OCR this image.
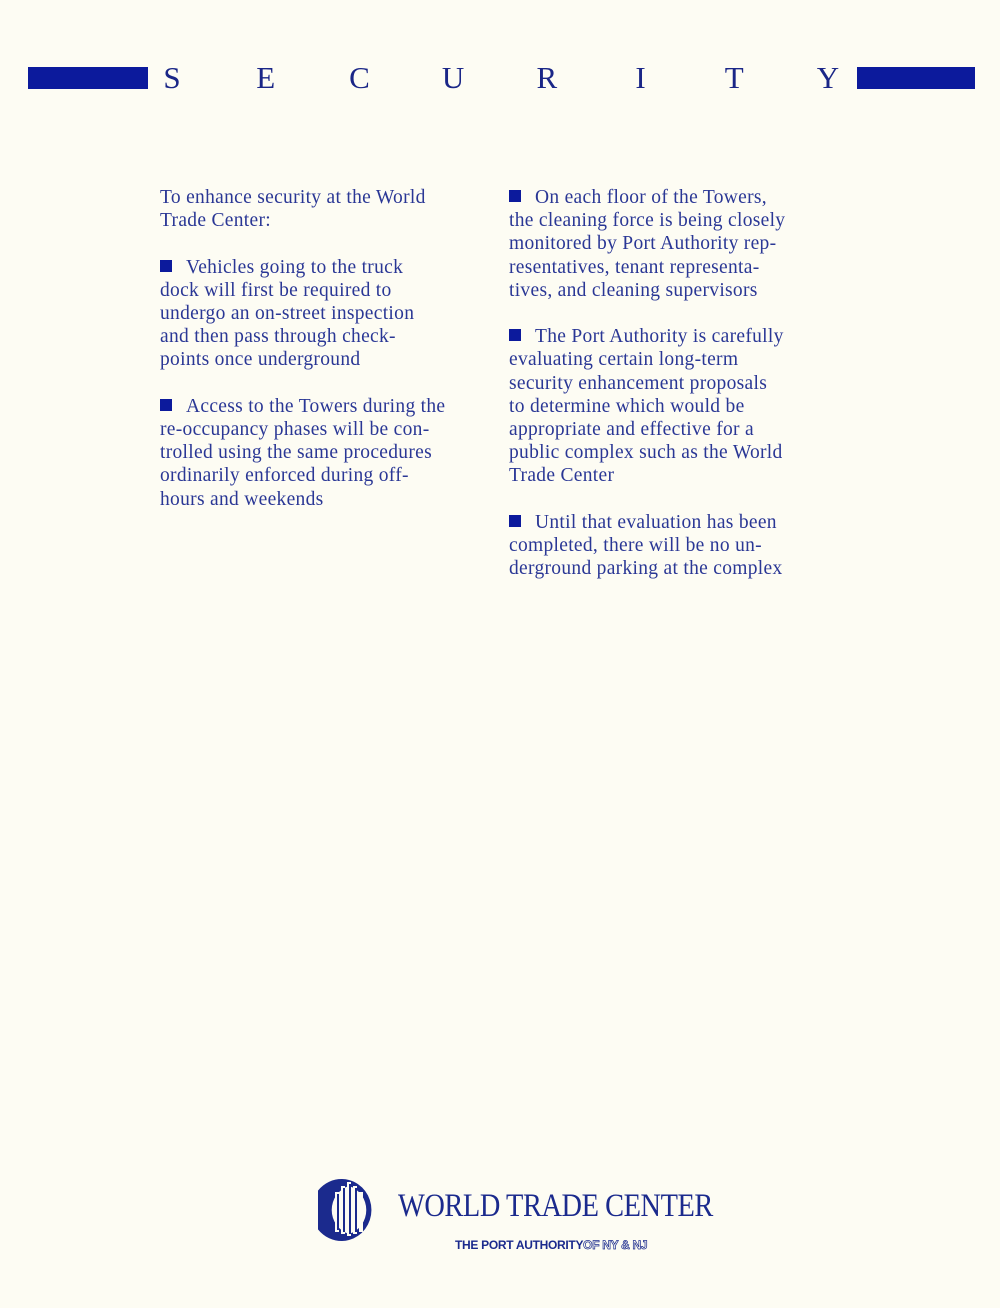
S E C U R	I	T Y
To enhance security at the World
Trade Center:
Vehicles going to the truck
dock will first be required to
undergo an on-street inspection
and then pass through check-
points once underground
Access to the Towers during the
re-occupancy phases will be con-
trolled using the same procedures
ordinarily enforced during off-
hours and weekends
On each floor of the Towers,
the cleaning force is being closely
monitored by Port Authority rep-
resentatives, tenant representa-
tives, and cleaning supervisors
The Port Authority is carefully
evaluating certain long-term
security enhancement proposals
to determine which would be
appropriate and effective for a
public complex such as the World
Trade Center
Until that evaluation has been
completed, there will be no un-
derground parking at the complex
WORLD TRADE CENTER
THE PORT AUTHORITYOF NY & NJ
